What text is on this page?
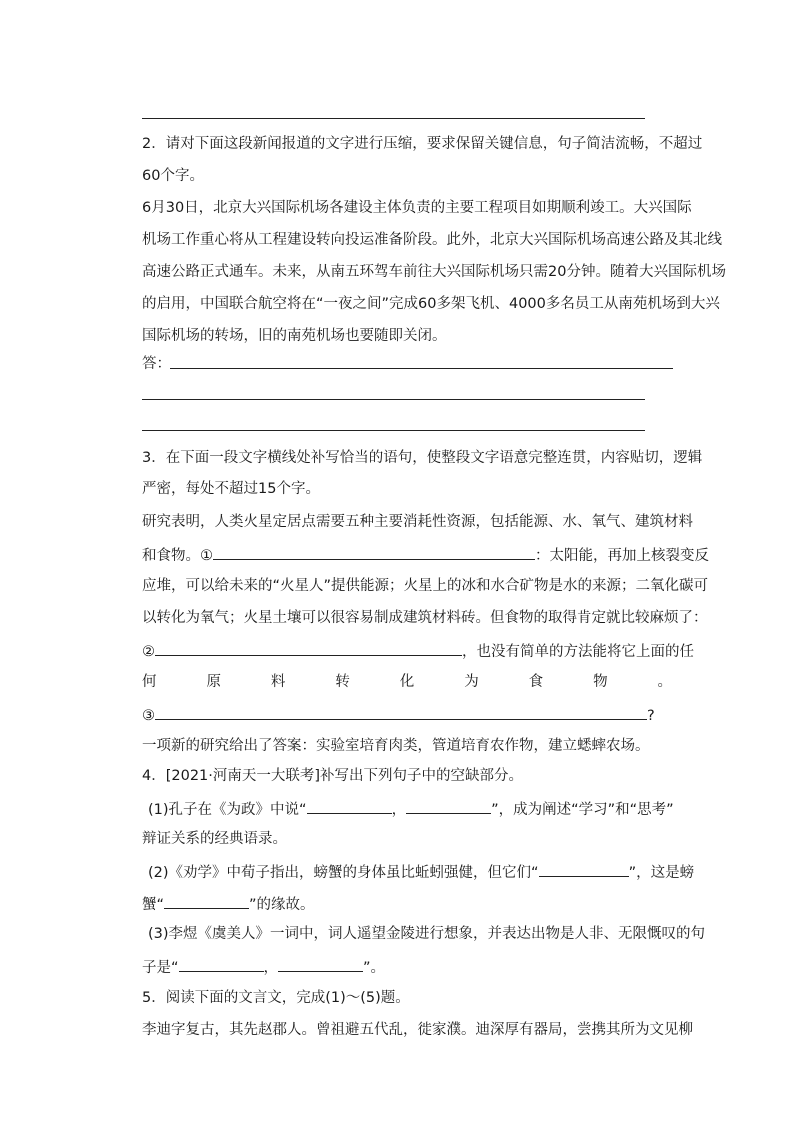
2．请对下面这段新闻报道的文字进行压缩，要求保留关键信息，句子简洁流畅，不超过
60个字。
6月30日，北京大兴国际机场各建设主体负责的主要工程项目如期顺利竣工。大兴国际
机场工作重心将从工程建设转向投运准备阶段。此外，北京大兴国际机场高速公路及其北线
高速公路正式通车。未来，从南五环驾车前往大兴国际机场只需20分钟。随着大兴国际机场
的启用，中国联合航空将在“一夜之间”完成60多架飞机、4000多名员工从南苑机场到大兴
国际机场的转场，旧的南苑机场也要随即关闭。
答：
3．在下面一段文字横线处补写恰当的语句，使整段文字语意完整连贯，内容贴切，逻辑
严密，每处不超过15个字。
研究表明，人类火星定居点需要五种主要消耗性资源，包括能源、水、氧气、建筑材料
和食物。①	：太阳能，再加上核裂变反
应堆，可以给未来的“火星人”提供能源；火星上的冰和水合矿物是水的来源；二氧化碳可
以转化为氧气；火星土壤可以很容易制成建筑材料砖。但食物的取得肯定就比较麻烦了：
②	，也没有简单的方法能将它上面的任
何	原	料	转	化	为	食	物	。
③	?
一项新的研究给出了答案：实验室培育肉类，管道培育农作物，建立蟋蟀农场。
4．[2021·河南天一大联考]补写出下列句子中的空缺部分。
(1)孔子在《为政》中说“	，	”，成为阐述“学习”和“思考”
辩证关系的经典语录。
(2)《劝学》中荀子指出，螃蟹的身体虽比蚯蚓强健，但它们“	”，这是螃
蟹“	”的缘故。
(3)李煜《虞美人》一词中，词人遥望金陵进行想象，并表达出物是人非、无限慨叹的句
子是“	，	”。
5．阅读下面的文言文，完成(1)～(5)题。
李迪字复古，其先赵郡人。曾祖避五代乱，徙家濮。迪深厚有器局，尝携其所为文见柳
